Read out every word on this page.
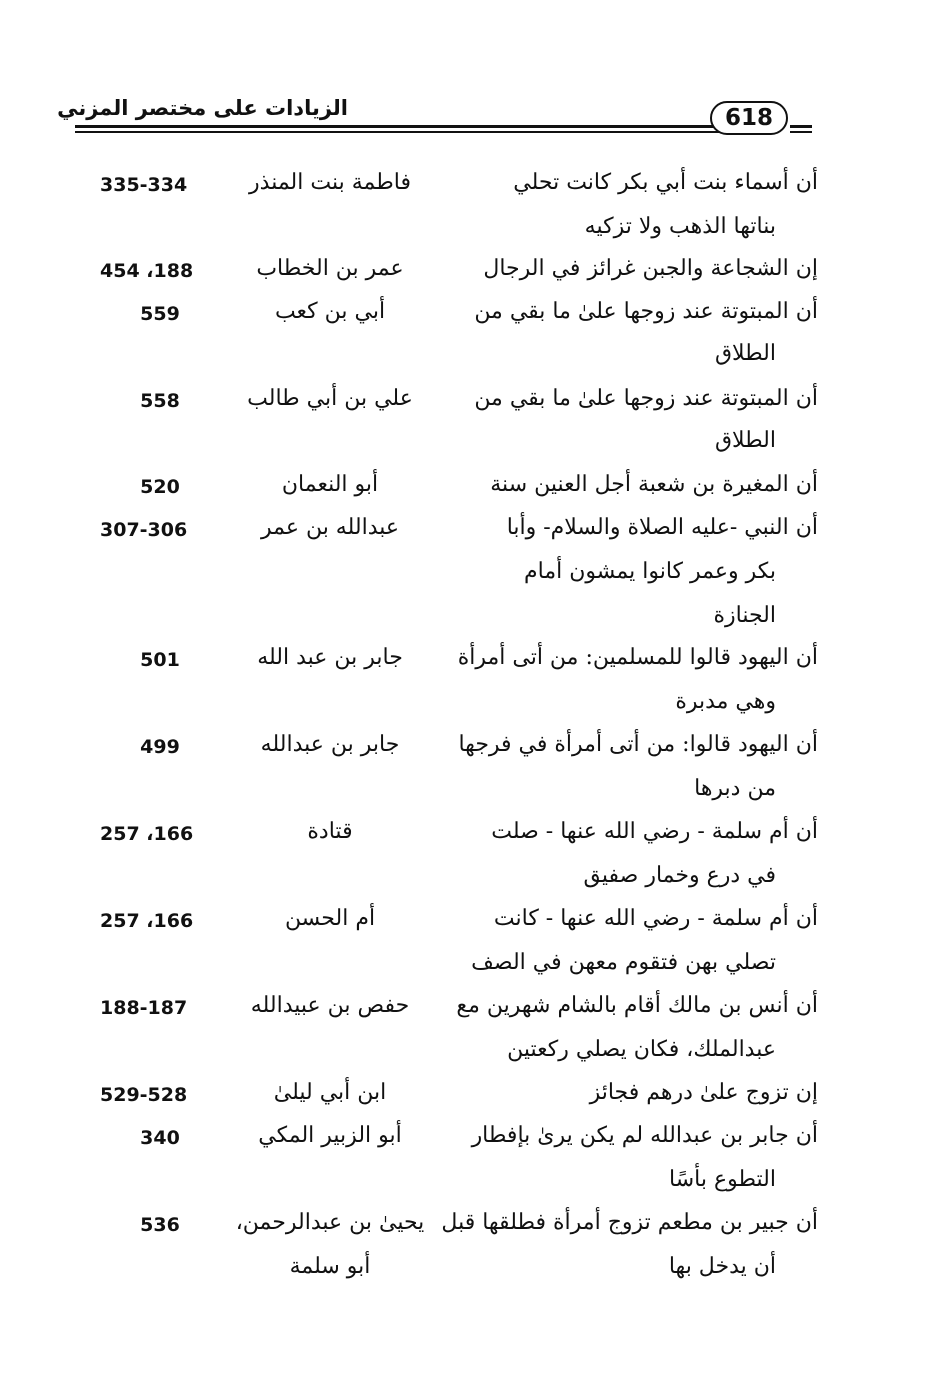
الزيادات على مختصر المزني	618
أن أسماء بنت أبي بكر كانت تحلي
بناتها الذهب ولا تزكيه
فاطمة بنت المنذر
335-334
إن الشجاعة والجبن غرائز في الرجال
عمر بن الخطاب
188، 454
أن المبتوتة عند زوجها علىٰ ما بقي من
الطلاق
أبي بن كعب
559
أن المبتوتة عند زوجها علىٰ ما بقي من
الطلاق
علي بن أبي طالب
558
أن المغيرة بن شعبة أجل العنين سنة
أبو النعمان
520
أن النبي -عليه الصلاة والسلام- وأبا
بكر وعمر كانوا يمشون أمام
الجنازة
عبدالله بن عمر
307-306
أن اليهود قالوا للمسلمين: من أتى أمرأة
وهي مدبرة
جابر بن عبد الله
501
أن اليهود قالوا: من أتى أمرأة في فرجها
من دبرها
جابر بن عبدالله
499
أن أم سلمة - رضي الله عنها - صلت
في درع وخمار صفيق
قتادة
166، 257
أن أم سلمة - رضي الله عنها - كانت
تصلي بهن فتقوم معهن في الصف
أم الحسن
166، 257
أن أنس بن مالك أقام بالشام شهرين مع
عبدالملك، فكان يصلي ركعتين
حفص بن عبيدالله
188-187
إن تزوج علىٰ درهم فجائز
ابن أبي ليلىٰ
529-528
أن جابر بن عبدالله لم يكن يرىٰ بإفطار
التطوع بأسًا
أبو الزبير المكي
340
أن جبير بن مطعم تزوج أمرأة فطلقها قبل
أن يدخل بها
يحيىٰ بن عبدالرحمن،
أبو سلمة
536
